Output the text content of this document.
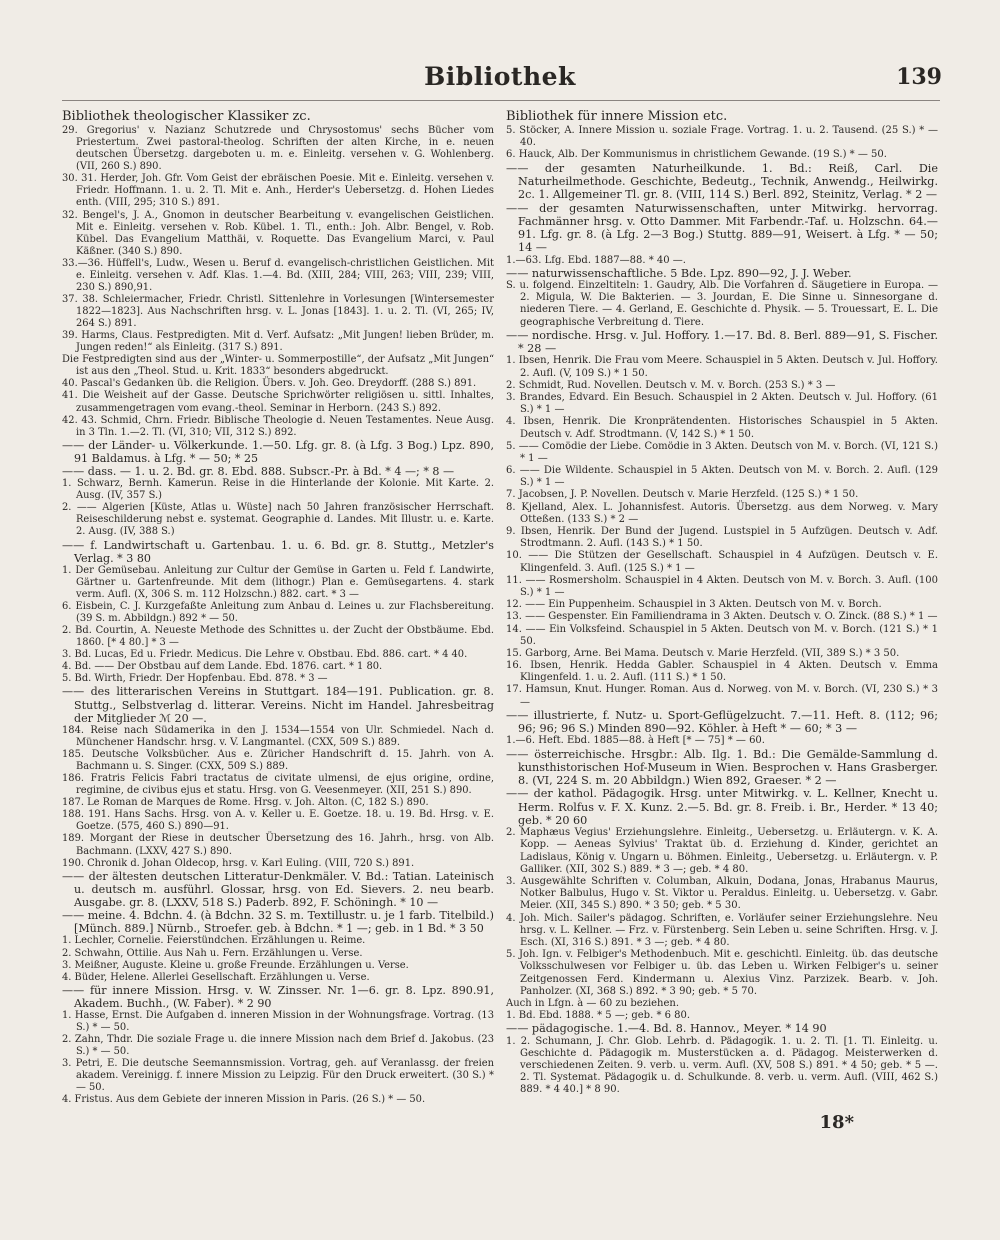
Bibliothek	139
Bibliothek theologischer Klassiker zc.

29. Gregorius' v. Nazianz Schutzrede und Chrysostomus' sechs Bücher vom Priestertum. Zwei pastoral-theolog. Schriften der alten Kirche, in e. neuen deutschen Übersetzg. dargeboten u. m. e. Einleitg. versehen v. G. Wohlenberg. (VII, 260 S.) 890.

30. 31. Herder, Joh. Gfr. Vom Geist der ebräischen Poesie. Mit e. Einleitg. versehen v. Friedr. Hoffmann. 1. u. 2. Tl. Mit e. Anh., Herder's Uebersetzg. d. Hohen Liedes enth. (VIII, 295; 310 S.) 891.

32. Bengel's, J. A., Gnomon in deutscher Bearbeitung v. evangelischen Geistlichen. Mit e. Einleitg. versehen v. Rob. Kübel. 1. Tl., enth.: Joh. Albr. Bengel, v. Rob. Kübel. Das Evangelium Matthäi, v. Roquette. Das Evangelium Marci, v. Paul Käßner. (340 S.) 890.

33.—36. Hüffell's, Ludw., Wesen u. Beruf d. evangelisch-christlichen Geistlichen. Mit e. Einleitg. versehen v. Adf. Klas. 1.—4. Bd. (XIII, 284; VIII, 263; VIII, 239; VIII, 230 S.) 890,91.

37. 38. Schleiermacher, Friedr. Christl. Sittenlehre in Vorlesungen [Wintersemester 1822—1823]. Aus Nachschriften hrsg. v. L. Jonas [1843]. 1. u. 2. Tl. (VI, 265; IV, 264 S.) 891.

39. Harms, Claus. Festpredigten. Mit d. Verf. Aufsatz: „Mit Jungen! lieben Brüder, m. Jungen reden!“ als Einleitg. (317 S.) 891.

Die Festpredigten sind aus der „Winter- u. Sommerpostille“, der Aufsatz „Mit Jungen“ ist aus den „Theol. Stud. u. Krit. 1833“ besonders abgedruckt.

40. Pascal's Gedanken üb. die Religion. Übers. v. Joh. Geo. Dreydorff. (288 S.) 891.

41. Die Weisheit auf der Gasse. Deutsche Sprichwörter religiösen u. sittl. Inhaltes, zusammengetragen vom evang.-theol. Seminar in Herborn. (243 S.) 892.

42. 43. Schmid, Chrn. Friedr. Biblische Theologie d. Neuen Testamentes. Neue Ausg. in 3 Tln. 1.—2. Tl. (VI, 310; VII, 312 S.) 892.

—— der Länder- u. Völkerkunde. 1.—50. Lfg. gr. 8. (à Lfg. 3 Bog.) Lpz. 890, 91 Baldamus. à Lfg. * — 50; * 25

—— dass. — 1. u. 2. Bd. gr. 8. Ebd. 888. Subscr.-Pr. à Bd. * 4 —; * 8 —

1. Schwarz, Bernh. Kamerun. Reise in die Hinterlande der Kolonie. Mit Karte. 2. Ausg. (IV, 357 S.)

2. —— Algerien [Küste, Atlas u. Wüste] nach 50 Jahren französischer Herrschaft. Reiseschilderung nebst e. systemat. Geographie d. Landes. Mit Illustr. u. e. Karte. 2. Ausg. (IV, 388 S.)

—— f. Landwirtschaft u. Gartenbau. 1. u. 6. Bd. gr. 8. Stuttg., Metzler's Verlag. * 3 80

1. Der Gemüsebau. Anleitung zur Cultur der Gemüse in Garten u. Feld f. Landwirte, Gärtner u. Gartenfreunde. Mit dem (lithogr.) Plan e. Gemüsegartens. 4. stark verm. Aufl. (X, 306 S. m. 112 Holzschn.) 882. cart. * 3 —

6. Eisbein, C. J. Kurzgefaßte Anleitung zum Anbau d. Leines u. zur Flachsbereitung. (39 S. m. Abbildgn.) 892 * — 50.

2. Bd. Courtin, A. Neueste Methode des Schnittes u. der Zucht der Obstbäume. Ebd. 1860. [* 4 80.] * 3 —

3. Bd. Lucas, Ed u. Friedr. Medicus. Die Lehre v. Obstbau. Ebd. 886. cart. * 4 40.

4. Bd. —— Der Obstbau auf dem Lande. Ebd. 1876. cart. * 1 80.

5. Bd. Wirth, Friedr. Der Hopfenbau. Ebd. 878. * 3 —

—— des litterarischen Vereins in Stuttgart. 184—191. Publication. gr. 8. Stuttg., Selbstverlag d. litterar. Vereins. Nicht im Handel. Jahresbeitrag der Mitglieder ℳ 20 —.

184. Reise nach Südamerika in den J. 1534—1554 von Ulr. Schmiedel. Nach d. Münchener Handschr. hrsg. v. V. Langmantel. (CXX, 509 S.) 889.

185. Deutsche Volksbücher. Aus e. Züricher Handschrift d. 15. Jahrh. von A. Bachmann u. S. Singer. (CXX, 509 S.) 889.

186. Fratris Felicis Fabri tractatus de civitate ulmensi, de ejus origine, ordine, regimine, de civibus ejus et statu. Hrsg. von G. Veesenmeyer. (XII, 251 S.) 890.

187. Le Roman de Marques de Rome. Hrsg. v. Joh. Alton. (C, 182 S.) 890.

188. 191. Hans Sachs. Hrsg. von A. v. Keller u. E. Goetze. 18. u. 19. Bd. Hrsg. v. E. Goetze. (575, 460 S.) 890—91.

189. Morgant der Riese in deutscher Übersetzung des 16. Jahrh., hrsg. von Alb. Bachmann. (LXXV, 427 S.) 890.

190. Chronik d. Johan Oldecop, hrsg. v. Karl Euling. (VIII, 720 S.) 891.

—— der ältesten deutschen Litteratur-Denkmäler. V. Bd.: Tatian. Lateinisch u. deutsch m. ausführl. Glossar, hrsg. von Ed. Sievers. 2. neu bearb. Ausgabe. gr. 8. (LXXV, 518 S.) Paderb. 892, F. Schöningh. * 10 —

—— meine. 4. Bdchn. 4. (à Bdchn. 32 S. m. Textillustr. u. je 1 farb. Titelbild.) [Münch. 889.] Nürnb., Stroefer. geb. à Bdchn. * 1 —; geb. in 1 Bd. * 3 50

1. Lechler, Cornelie. Feierstündchen. Erzählungen u. Reime.

2. Schwahn, Ottilie. Aus Nah u. Fern. Erzählungen u. Verse.

3. Meißner, Auguste. Kleine u. große Freunde. Erzählungen u. Verse.

4. Büder, Helene. Allerlei Gesellschaft. Erzählungen u. Verse.

—— für innere Mission. Hrsg. v. W. Zinsser. Nr. 1—6. gr. 8. Lpz. 890.91, Akadem. Buchh., (W. Faber). * 2 90

1. Hasse, Ernst. Die Aufgaben d. inneren Mission in der Wohnungsfrage. Vortrag. (13 S.) * — 50.

2. Zahn, Thdr. Die soziale Frage u. die innere Mission nach dem Brief d. Jakobus. (23 S.) * — 50.

3. Petri, E. Die deutsche Seemannsmission. Vortrag, geh. auf Veranlassg. der freien akadem. Vereinigg. f. innere Mission zu Leipzig. Für den Druck erweitert. (30 S.) * — 50.

4. Fristus. Aus dem Gebiete der inneren Mission in Paris. (26 S.) * — 50.

Bibliothek für innere Mission etc.

5. Stöcker, A. Innere Mission u. soziale Frage. Vortrag. 1. u. 2. Tausend. (25 S.) * — 40.

6. Hauck, Alb. Der Kommunismus in christlichem Gewande. (19 S.) * — 50.

—— der gesamten Naturheilkunde. 1. Bd.: Reiß, Carl. Die Naturheilmethode. Geschichte, Bedeutg., Technik, Anwendg., Heilwirkg. 2c. 1. Allgemeiner Tl. gr. 8. (VIII, 114 S.) Berl. 892, Steinitz, Verlag. * 2 —

—— der gesamten Naturwissenschaften, unter Mitwirkg. hervorrag. Fachmänner hrsg. v. Otto Dammer. Mit Farbendr.-Taf. u. Holzschn. 64.—91. Lfg. gr. 8. (à Lfg. 2—3 Bog.) Stuttg. 889—91, Weisert. à Lfg. * — 50; 14 —

1.—63. Lfg. Ebd. 1887—88. * 40 —.

—— naturwissenschaftliche. 5 Bde. Lpz. 890—92, J. J. Weber.

S. u. folgend. Einzeltiteln: 1. Gaudry, Alb. Die Vorfahren d. Säugetiere in Europa. — 2. Migula, W. Die Bakterien. — 3. Jourdan, E. Die Sinne u. Sinnesorgane d. niederen Tiere. — 4. Gerland, E. Geschichte d. Physik. — 5. Trouessart, E. L. Die geographische Verbreitung d. Tiere.

—— nordische. Hrsg. v. Jul. Hoffory. 1.—17. Bd. 8. Berl. 889—91, S. Fischer. * 28 —

1. Ibsen, Henrik. Die Frau vom Meere. Schauspiel in 5 Akten. Deutsch v. Jul. Hoffory. 2. Aufl. (V, 109 S.) * 1 50.

2. Schmidt, Rud. Novellen. Deutsch v. M. v. Borch. (253 S.) * 3 —

3. Brandes, Edvard. Ein Besuch. Schauspiel in 2 Akten. Deutsch v. Jul. Hoffory. (61 S.) * 1 —

4. Ibsen, Henrik. Die Kronprätendenten. Historisches Schauspiel in 5 Akten. Deutsch v. Adf. Strodtmann. (V, 142 S.) * 1 50.

5. —— Comödie der Liebe. Comödie in 3 Akten. Deutsch von M. v. Borch. (VI, 121 S.) * 1 —

6. —— Die Wildente. Schauspiel in 5 Akten. Deutsch von M. v. Borch. 2. Aufl. (129 S.) * 1 —

7. Jacobsen, J. P. Novellen. Deutsch v. Marie Herzfeld. (125 S.) * 1 50.

8. Kjelland, Alex. L. Johannisfest. Autoris. Übersetzg. aus dem Norweg. v. Mary Otteßen. (133 S.) * 2 —

9. Ibsen, Henrik. Der Bund der Jugend. Lustspiel in 5 Aufzügen. Deutsch v. Adf. Strodtmann. 2. Aufl. (143 S.) * 1 50.

10. —— Die Stützen der Gesellschaft. Schauspiel in 4 Aufzügen. Deutsch v. E. Klingenfeld. 3. Aufl. (125 S.) * 1 —

11. —— Rosmersholm. Schauspiel in 4 Akten. Deutsch von M. v. Borch. 3. Aufl. (100 S.) * 1 —

12. —— Ein Puppenheim. Schauspiel in 3 Akten. Deutsch von M. v. Borch.

13. —— Gespenster. Ein Familiendrama in 3 Akten. Deutsch v. O. Zinck. (88 S.) * 1 —

14. —— Ein Volksfeind. Schauspiel in 5 Akten. Deutsch von M. v. Borch. (121 S.) * 1 50.

15. Garborg, Arne. Bei Mama. Deutsch v. Marie Herzfeld. (VII, 389 S.) * 3 50.

16. Ibsen, Henrik. Hedda Gabler. Schauspiel in 4 Akten. Deutsch v. Emma Klingenfeld. 1. u. 2. Aufl. (111 S.) * 1 50.

17. Hamsun, Knut. Hunger. Roman. Aus d. Norweg. von M. v. Borch. (VI, 230 S.) * 3 —

—— illustrierte, f. Nutz- u. Sport-Geflügelzucht. 7.—11. Heft. 8. (112; 96; 96; 96; 96 S.) Minden 890—92. Köhler. à Heft * — 60; * 3 —

1.—6. Heft. Ebd. 1885—88. à Heft [* — 75] * — 60.

—— österreichische. Hrsgbr.: Alb. Ilg. 1. Bd.: Die Gemälde-Sammlung d. kunsthistorischen Hof-Museum in Wien. Besprochen v. Hans Grasberger. 8. (VI, 224 S. m. 20 Abbildgn.) Wien 892, Graeser. * 2 —

—— der kathol. Pädagogik. Hrsg. unter Mitwirkg. v. L. Kellner, Knecht u. Herm. Rolfus v. F. X. Kunz. 2.—5. Bd. gr. 8. Freib. i. Br., Herder. * 13 40; geb. * 20 60

2. Maphæus Vegius' Erziehungslehre. Einleitg., Uebersetzg. u. Erläutergn. v. K. A. Kopp. — Aeneas Sylvius' Traktat üb. d. Erziehung d. Kinder, gerichtet an Ladislaus, König v. Ungarn u. Böhmen. Einleitg., Uebersetzg. u. Erläutergn. v. P. Galliker. (XII, 302 S.) 889. * 3 —; geb. * 4 80.

3. Ausgewählte Schriften v. Columban, Alkuin, Dodana, Jonas, Hrabanus Maurus, Notker Balbulus, Hugo v. St. Viktor u. Peraldus. Einleitg. u. Uebersetzg. v. Gabr. Meier. (XII, 345 S.) 890. * 3 50; geb. * 5 30.

4. Joh. Mich. Sailer's pädagog. Schriften, e. Vorläufer seiner Erziehungslehre. Neu hrsg. v. L. Kellner. — Frz. v. Fürstenberg. Sein Leben u. seine Schriften. Hrsg. v. J. Esch. (XI, 316 S.) 891. * 3 —; geb. * 4 80.

5. Joh. Ign. v. Felbiger's Methodenbuch. Mit e. geschichtl. Einleitg. üb. das deutsche Volksschulwesen vor Felbiger u. üb. das Leben u. Wirken Felbiger's u. seiner Zeitgenossen Ferd. Kindermann u. Alexius Vinz. Parzizek. Bearb. v. Joh. Panholzer. (XI, 368 S.) 892. * 3 90; geb. * 5 70.

Auch in Lfgn. à — 60 zu beziehen.

1. Bd. Ebd. 1888. * 5 —; geb. * 6 80.

—— pädagogische. 1.—4. Bd. 8. Hannov., Meyer. * 14 90

1. 2. Schumann, J. Chr. Glob. Lehrb. d. Pädagogik. 1. u. 2. Tl. [1. Tl. Einleitg. u. Geschichte d. Pädagogik m. Musterstücken a. d. Pädagog. Meisterwerken d. verschiedenen Zeiten. 9. verb. u. verm. Aufl. (XV, 508 S.) 891. * 4 50; geb. * 5 —. 2. Tl. Systemat. Pädagogik u. d. Schulkunde. 8. verb. u. verm. Aufl. (VIII, 462 S.) 889. * 4 40.] * 8 90.

18*
